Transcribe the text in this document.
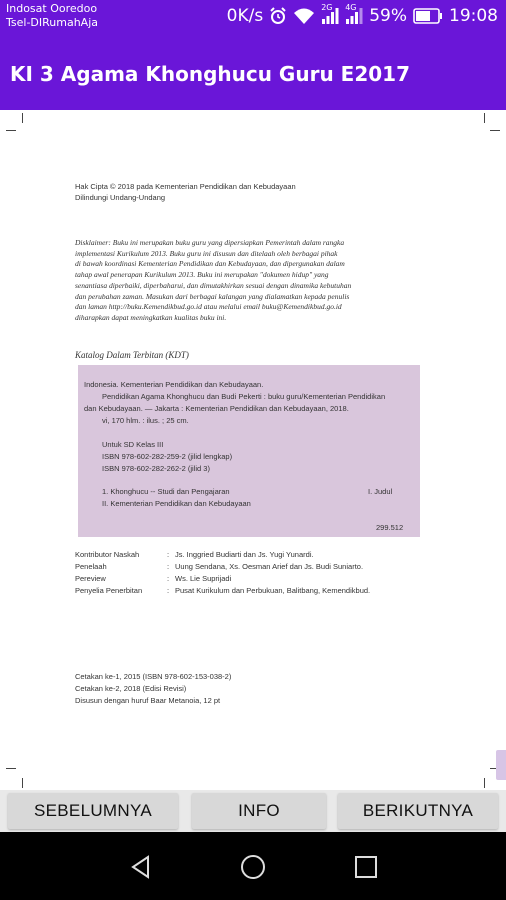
Indosat Ooredoo
Tsel-DIRumahAja	0K/s	2G 4G 59% 19:08
KI 3 Agama Khonghucu Guru E2017
Hak Cipta © 2018 pada Kementerian Pendidikan dan Kebudayaan
Dilindungi Undang-Undang
Disklaimer: Buku ini merupakan buku guru yang dipersiapkan Pemerintah dalam rangka
implementasi Kurikulum 2013. Buku guru ini disusun dan ditelaah oleh berbagai pihak
di bawah koordinasi Kementerian Pendidikan dan Kebudayaan, dan dipergunakan dalam
tahap awal penerapan Kurikulum 2013. Buku ini merupakan "dokumen hidup" yang
senantiasa diperbaiki, diperbaharui, dan dimutakhirkan sesuai dengan dinamika kebutuhan
dan perubahan zaman. Masukan dari berbagai kalangan yang dialamatkan kepada penulis
dan laman http://buku.Kemendikbud.go.id atau melalui email buku@Kemendikbud.go.id
diharapkan dapat meningkatkan kualitas buku ini.
Katalog Dalam Terbitan (KDT)
Indonesia. Kementerian Pendidikan dan Kebudayaan.
Pendidikan Agama Khonghucu dan Budi Pekerti : buku guru/Kementerian Pendidikan
dan Kebudayaan. — Jakarta : Kementerian Pendidikan dan Kebudayaan, 2018.
vi, 170 hlm. : ilus. ; 25 cm.
Untuk SD Kelas III
ISBN 978-602-282-259-2 (jilid lengkap)
ISBN 978-602-282-262-2 (jilid 3)
1. Khonghucu -- Studi dan Pengajaran	I. Judul
II. Kementerian Pendidikan dan Kebudayaan
299.512
Kontributor Naskah	: Js. Inggried Budiarti dan Js. Yugi Yunardi.
Penelaah	: Uung Sendana, Xs. Oesman Arief dan Js. Budi Suniarto.
Pereview	: Ws. Lie Suprijadi
Penyelia Penerbitan	: Pusat Kurikulum dan Perbukuan, Balitbang, Kemendikbud.
Cetakan ke-1, 2015 (ISBN 978-602-153-038-2)
Cetakan ke-2, 2018 (Edisi Revisi)
Disusun dengan huruf Baar Metanoia, 12 pt
SEBELUMNYA	INFO	BERIKUTNYA
